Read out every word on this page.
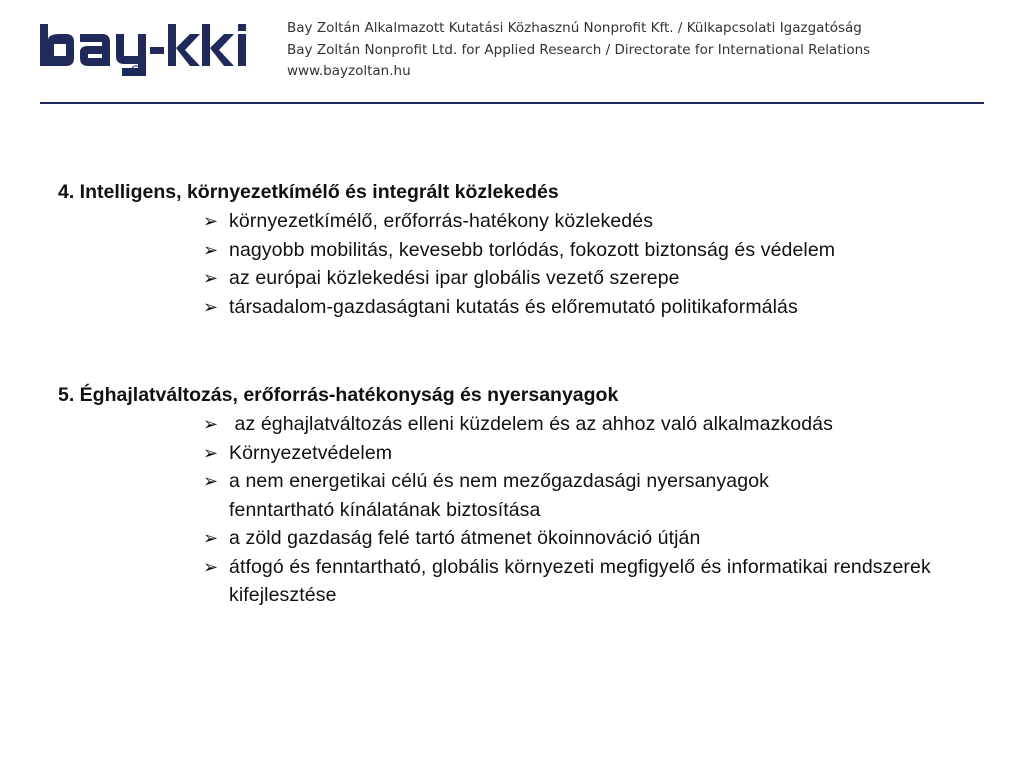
R
Bay Zoltán Alkalmazott Kutatási Közhasznú Nonprofit Kft. / Külkapcsolati Igazgatóság
Bay Zoltán Nonprofit Ltd. for Applied Research / Directorate for International Relations
www.bayzoltan.hu
4. Intelligens, környezetkímélő és integrált közlekedés
➢ környezetkímélő, erőforrás-hatékony közlekedés
➢ nagyobb mobilitás, kevesebb torlódás, fokozott biztonság és védelem
➢ az európai közlekedési ipar globális vezető szerepe
➢ társadalom-gazdaságtani kutatás és előremutató politikaformálás
5. Éghajlatváltozás, erőforrás-hatékonyság és nyersanyagok
➢ az éghajlatváltozás elleni küzdelem és az ahhoz való alkalmazkodás
➢ Környezetvédelem
➢ a nem energetikai célú és nem mezőgazdasági nyersanyagok fenntartható kínálatának biztosítása
➢ a zöld gazdaság felé tartó átmenet ökoinnováció útján
➢ átfogó és fenntartható, globális környezeti megfigyelő és informatikai rendszerek kifejlesztése
